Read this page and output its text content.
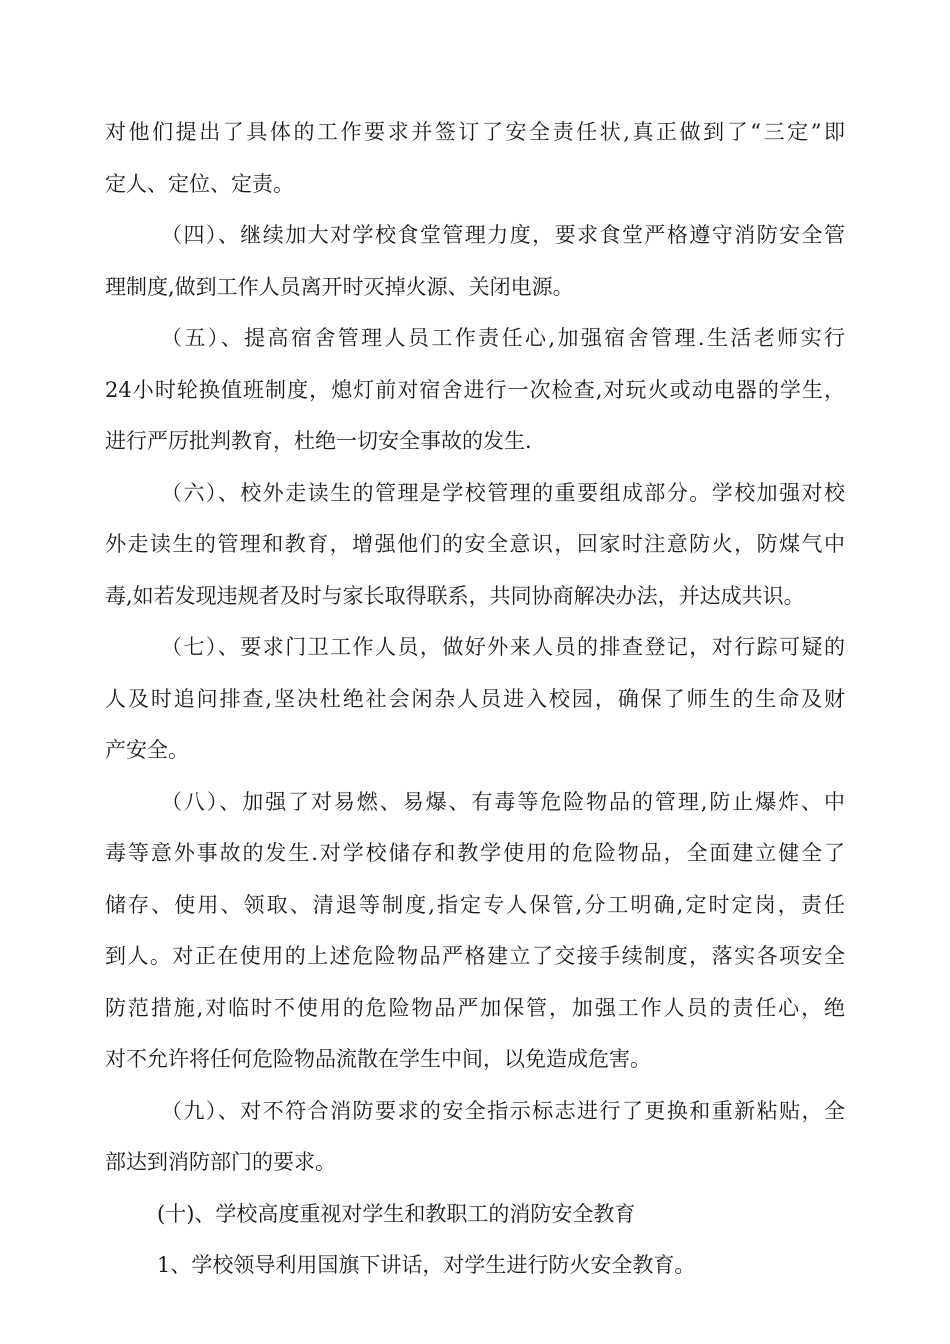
对他们提出了具体的工作要求并签订了安全责任状,真正做到了“三定”即
定人、定位、定责。
（四）、继续加大对学校食堂管理力度，要求食堂严格遵守消防安全管
理制度,做到工作人员离开时灭掉火源、关闭电源。
（五）、提高宿舍管理人员工作责任心,加强宿舍管理.生活老师实行
24小时轮换值班制度，熄灯前对宿舍进行一次检查,对玩火或动电器的学生，
进行严厉批判教育，杜绝一切安全事故的发生.
（六）、校外走读生的管理是学校管理的重要组成部分。学校加强对校
外走读生的管理和教育，增强他们的安全意识，回家时注意防火，防煤气中
毒,如若发现违规者及时与家长取得联系，共同协商解决办法，并达成共识。
（七）、要求门卫工作人员，做好外来人员的排查登记，对行踪可疑的
人及时追问排查,坚决杜绝社会闲杂人员进入校园，确保了师生的生命及财
产安全。
（八）、加强了对易燃、易爆、有毒等危险物品的管理,防止爆炸、中
毒等意外事故的发生.对学校储存和教学使用的危险物品，全面建立健全了
储存、使用、领取、清退等制度,指定专人保管,分工明确,定时定岗，责任
到人。对正在使用的上述危险物品严格建立了交接手续制度，落实各项安全
防范措施,对临时不使用的危险物品严加保管，加强工作人员的责任心，绝
对不允许将任何危险物品流散在学生中间，以免造成危害。
（九）、对不符合消防要求的安全指示标志进行了更换和重新粘贴，全
部达到消防部门的要求。
(十)、学校高度重视对学生和教职工的消防安全教育
1、学校领导利用国旗下讲话，对学生进行防火安全教育。
